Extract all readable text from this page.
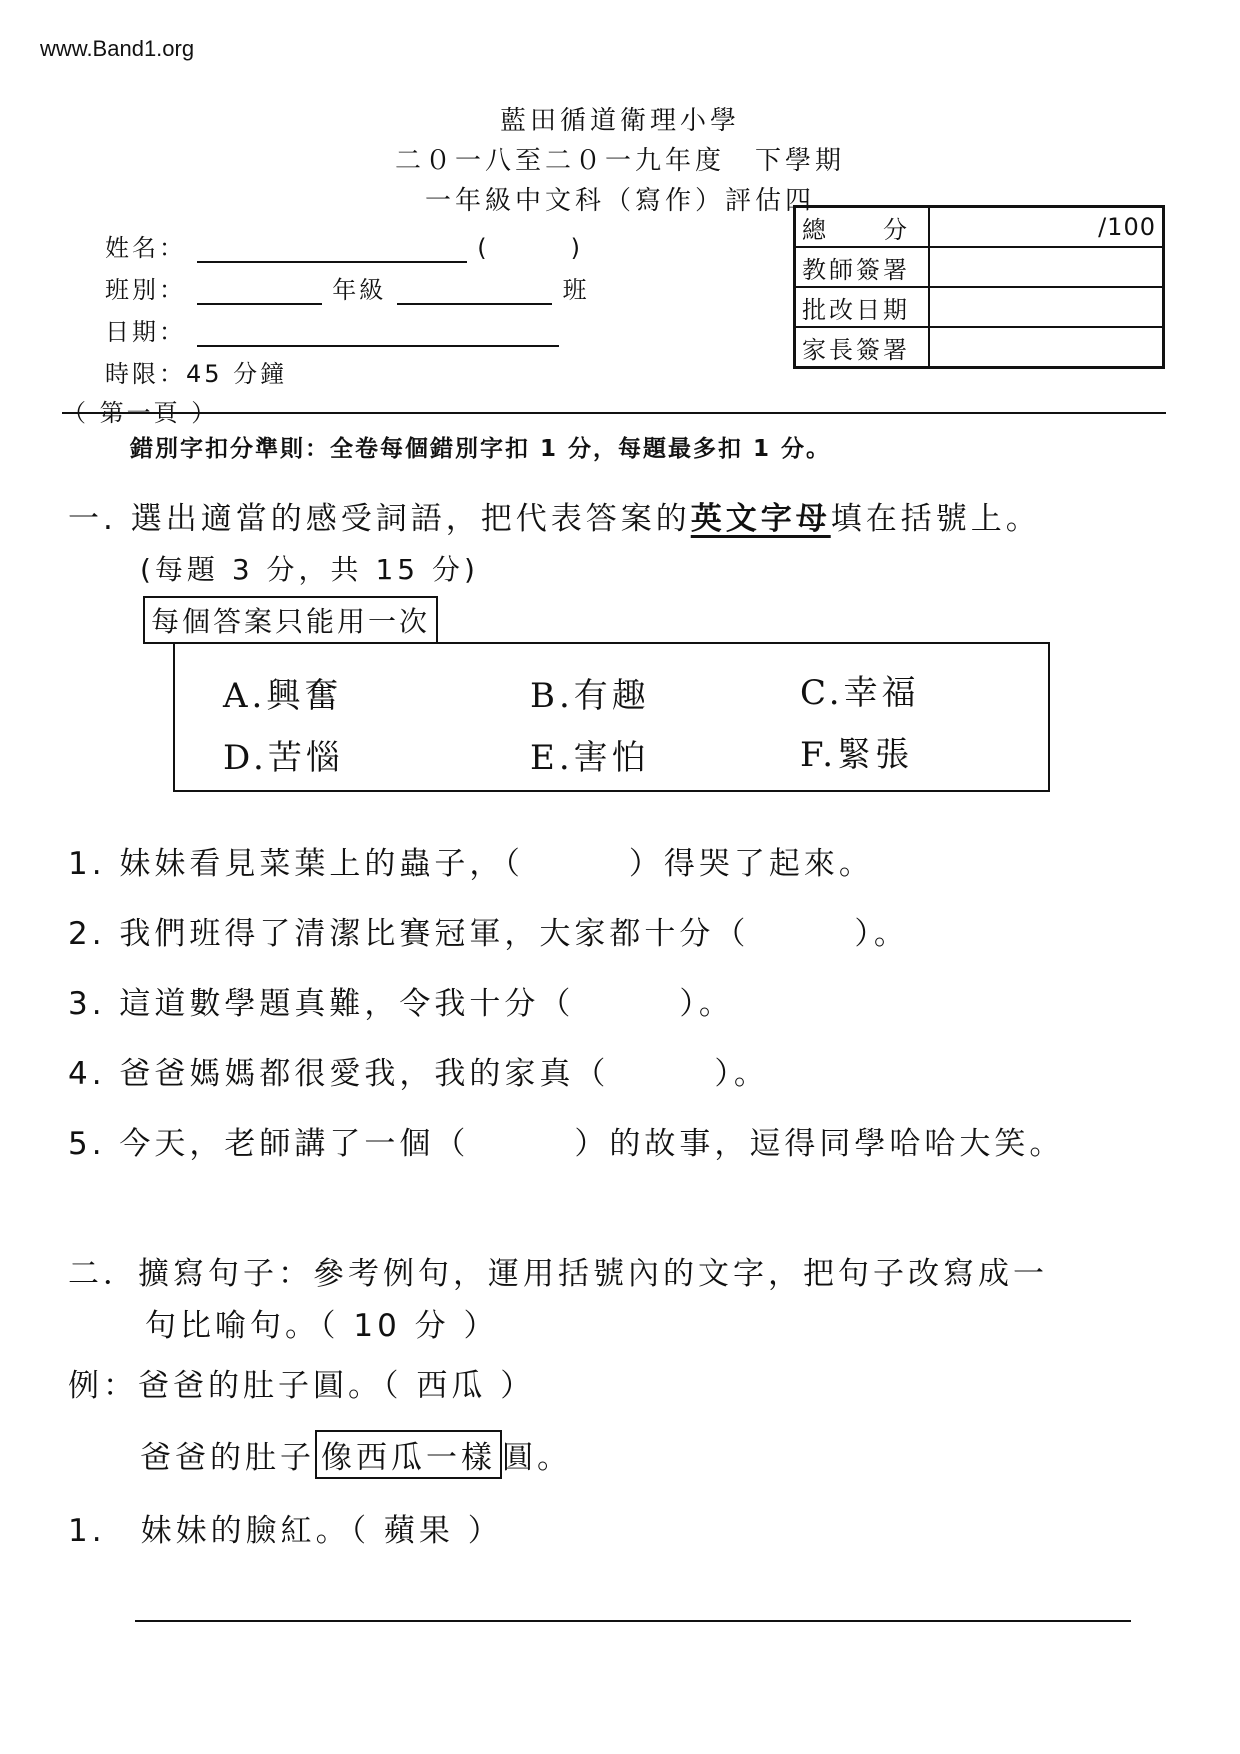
www.Band1.org
藍田循道衛理小學
二０一八至二０一九年度　下學期
一年級中文科（寫作）評估四
姓名：	(　　　)
班別：	年級	班
日期：
時限：45 分鐘
總　　分	/100
教師簽署	
批改日期	
家長簽署	
（ 第一頁 ）
錯別字扣分準則：全卷每個錯別字扣 1 分，每題最多扣 1 分。
一. 選出適當的感受詞語，把代表答案的英文字母填在括號上。
(每題 3 分，共 15 分)
每個答案只能用一次
A.興奮	B.有趣	C.幸福
D.苦惱	E.害怕	F.緊張
1. 妹妹看見菜葉上的蟲子，（　　　）得哭了起來。
2. 我們班得了清潔比賽冠軍，大家都十分（　　　）。
3. 這道數學題真難，令我十分（　　　）。
4. 爸爸媽媽都很愛我，我的家真（　　　）。
5. 今天，老師講了一個（　　　）的故事，逗得同學哈哈大笑。
二．擴寫句子：參考例句，運用括號內的文字，把句子改寫成一
句比喻句。（ 10 分 ）
例：爸爸的肚子圓。（ 西瓜 ）
爸爸的肚子 像西瓜一樣 圓。
1.　妹妹的臉紅。（ 蘋果 ）
